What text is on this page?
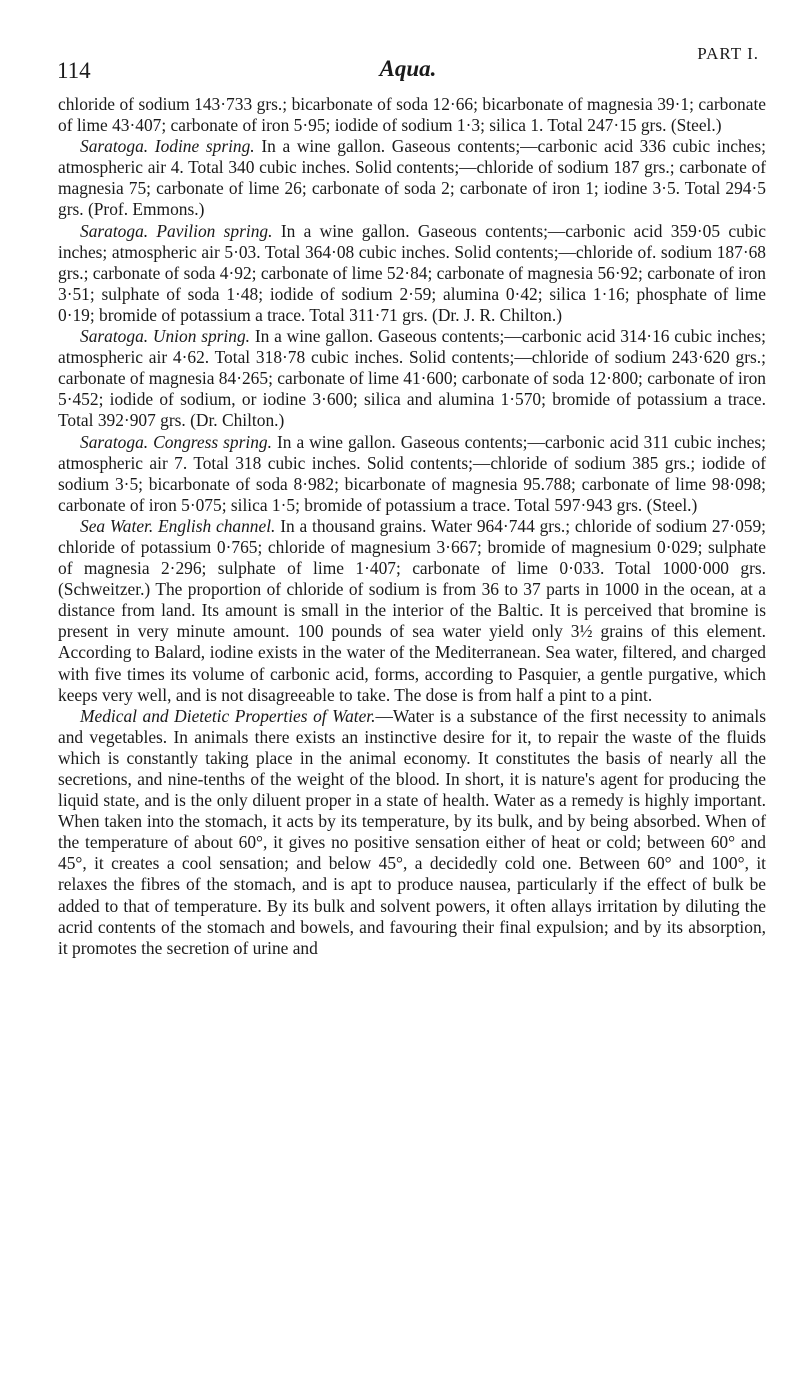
114	Aqua.
PART I.

chloride of sodium 143·733 grs.; bicarbonate of soda 12·66; bicarbonate of magnesia 39·1; carbonate of lime 43·407; carbonate of iron 5·95; iodide of sodium 1·3; silica 1. Total 247·15 grs. (Steel.)

Saratoga. Iodine spring. In a wine gallon. Gaseous contents;—carbonic acid 336 cubic inches; atmospheric air 4. Total 340 cubic inches. Solid contents;—chloride of sodium 187 grs.; carbonate of magnesia 75; carbonate of lime 26; carbonate of soda 2; carbonate of iron 1; iodine 3·5. Total 294·5 grs. (Prof. Emmons.)

Saratoga. Pavilion spring. In a wine gallon. Gaseous contents;—carbonic acid 359·05 cubic inches; atmospheric air 5·03. Total 364·08 cubic inches. Solid contents;—chloride of. sodium 187·68 grs.; carbonate of soda 4·92; carbonate of lime 52·84; carbonate of magnesia 56·92; carbonate of iron 3·51; sulphate of soda 1·48; iodide of sodium 2·59; alumina 0·42; silica 1·16; phosphate of lime 0·19; bromide of potassium a trace. Total 311·71 grs. (Dr. J. R. Chilton.)

Saratoga. Union spring. In a wine gallon. Gaseous contents;—carbonic acid 314·16 cubic inches; atmospheric air 4·62. Total 318·78 cubic inches. Solid contents;—chloride of sodium 243·620 grs.; carbonate of magnesia 84·265; carbonate of lime 41·600; carbonate of soda 12·800; carbonate of iron 5·452; iodide of sodium, or iodine 3·600; silica and alumina 1·570; bromide of potassium a trace. Total 392·907 grs. (Dr. Chilton.)

Saratoga. Congress spring. In a wine gallon. Gaseous contents;—carbonic acid 311 cubic inches; atmospheric air 7. Total 318 cubic inches. Solid contents;—chloride of sodium 385 grs.; iodide of sodium 3·5; bicarbonate of soda 8·982; bicarbonate of magnesia 95.788; carbonate of lime 98·098; carbonate of iron 5·075; silica 1·5; bromide of potassium a trace. Total 597·943 grs. (Steel.)

Sea Water. English channel. In a thousand grains. Water 964·744 grs.; chloride of sodium 27·059; chloride of potassium 0·765; chloride of magnesium 3·667; bromide of magnesium 0·029; sulphate of magnesia 2·296; sulphate of lime 1·407; carbonate of lime 0·033. Total 1000·000 grs. (Schweitzer.) The proportion of chloride of sodium is from 36 to 37 parts in 1000 in the ocean, at a distance from land. Its amount is small in the interior of the Baltic. It is perceived that bromine is present in very minute amount. 100 pounds of sea water yield only 3½ grains of this element. According to Balard, iodine exists in the water of the Mediterranean. Sea water, filtered, and charged with five times its volume of carbonic acid, forms, according to Pasquier, a gentle purgative, which keeps very well, and is not disagreeable to take. The dose is from half a pint to a pint.

Medical and Dietetic Properties of Water.—Water is a substance of the first necessity to animals and vegetables. In animals there exists an instinctive desire for it, to repair the waste of the fluids which is constantly taking place in the animal economy. It constitutes the basis of nearly all the secretions, and nine-tenths of the weight of the blood. In short, it is nature's agent for producing the liquid state, and is the only diluent proper in a state of health. Water as a remedy is highly important. When taken into the stomach, it acts by its temperature, by its bulk, and by being absorbed. When of the temperature of about 60°, it gives no positive sensation either of heat or cold; between 60° and 45°, it creates a cool sensation; and below 45°, a decidedly cold one. Between 60° and 100°, it relaxes the fibres of the stomach, and is apt to produce nausea, particularly if the effect of bulk be added to that of temperature. By its bulk and solvent powers, it often allays irritation by diluting the acrid contents of the stomach and bowels, and favouring their final expulsion; and by its absorption, it promotes the secretion of urine and
